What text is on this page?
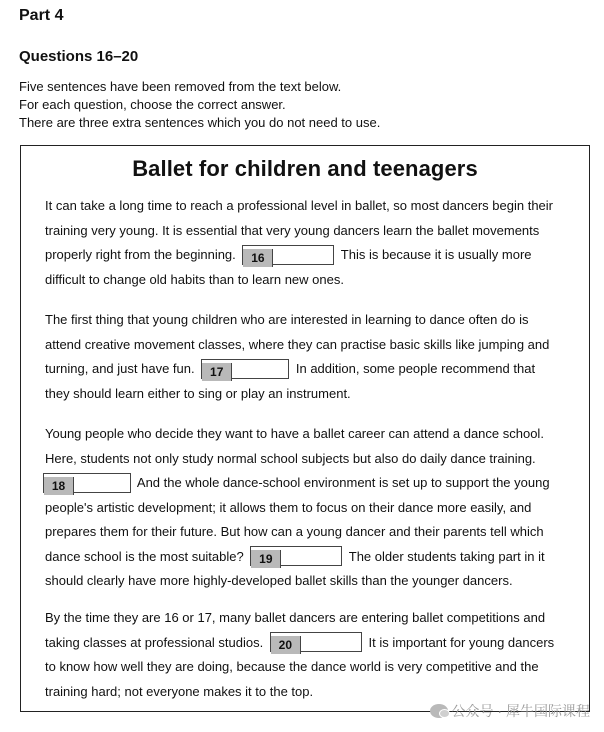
Part 4
Questions 16–20
Five sentences have been removed from the text below.
For each question, choose the correct answer.
There are three extra sentences which you do not need to use.
Ballet for children and teenagers
It can take a long time to reach a professional level in ballet, so most dancers begin their
training very young. It is essential that very young dancers learn the ballet movements
properly right from the beginning. 16	This is because it is usually more
difficult to change old habits than to learn new ones.
The first thing that young children who are interested in learning to dance often do is
attend creative movement classes, where they can practise basic skills like jumping and
turning, and just have fun. 17	In addition, some people recommend that
they should learn either to sing or play an instrument.
Young people who decide they want to have a ballet career can attend a dance school.
Here, students not only study normal school subjects but also do daily dance training.
18	And the whole dance-school environment is set up to support the young
people's artistic development; it allows them to focus on their dance more easily, and
prepares them for their future. But how can a young dancer and their parents tell which
dance school is the most suitable? 19	The older students taking part in it
should clearly have more highly-developed ballet skills than the younger dancers.
By the time they are 16 or 17, many ballet dancers are entering ballet competitions and
taking classes at professional studios. 20	It is important for young dancers
to know how well they are doing, because the dance world is very competitive and the
training hard; not everyone makes it to the top.
公众号 · 犀牛国际课程
